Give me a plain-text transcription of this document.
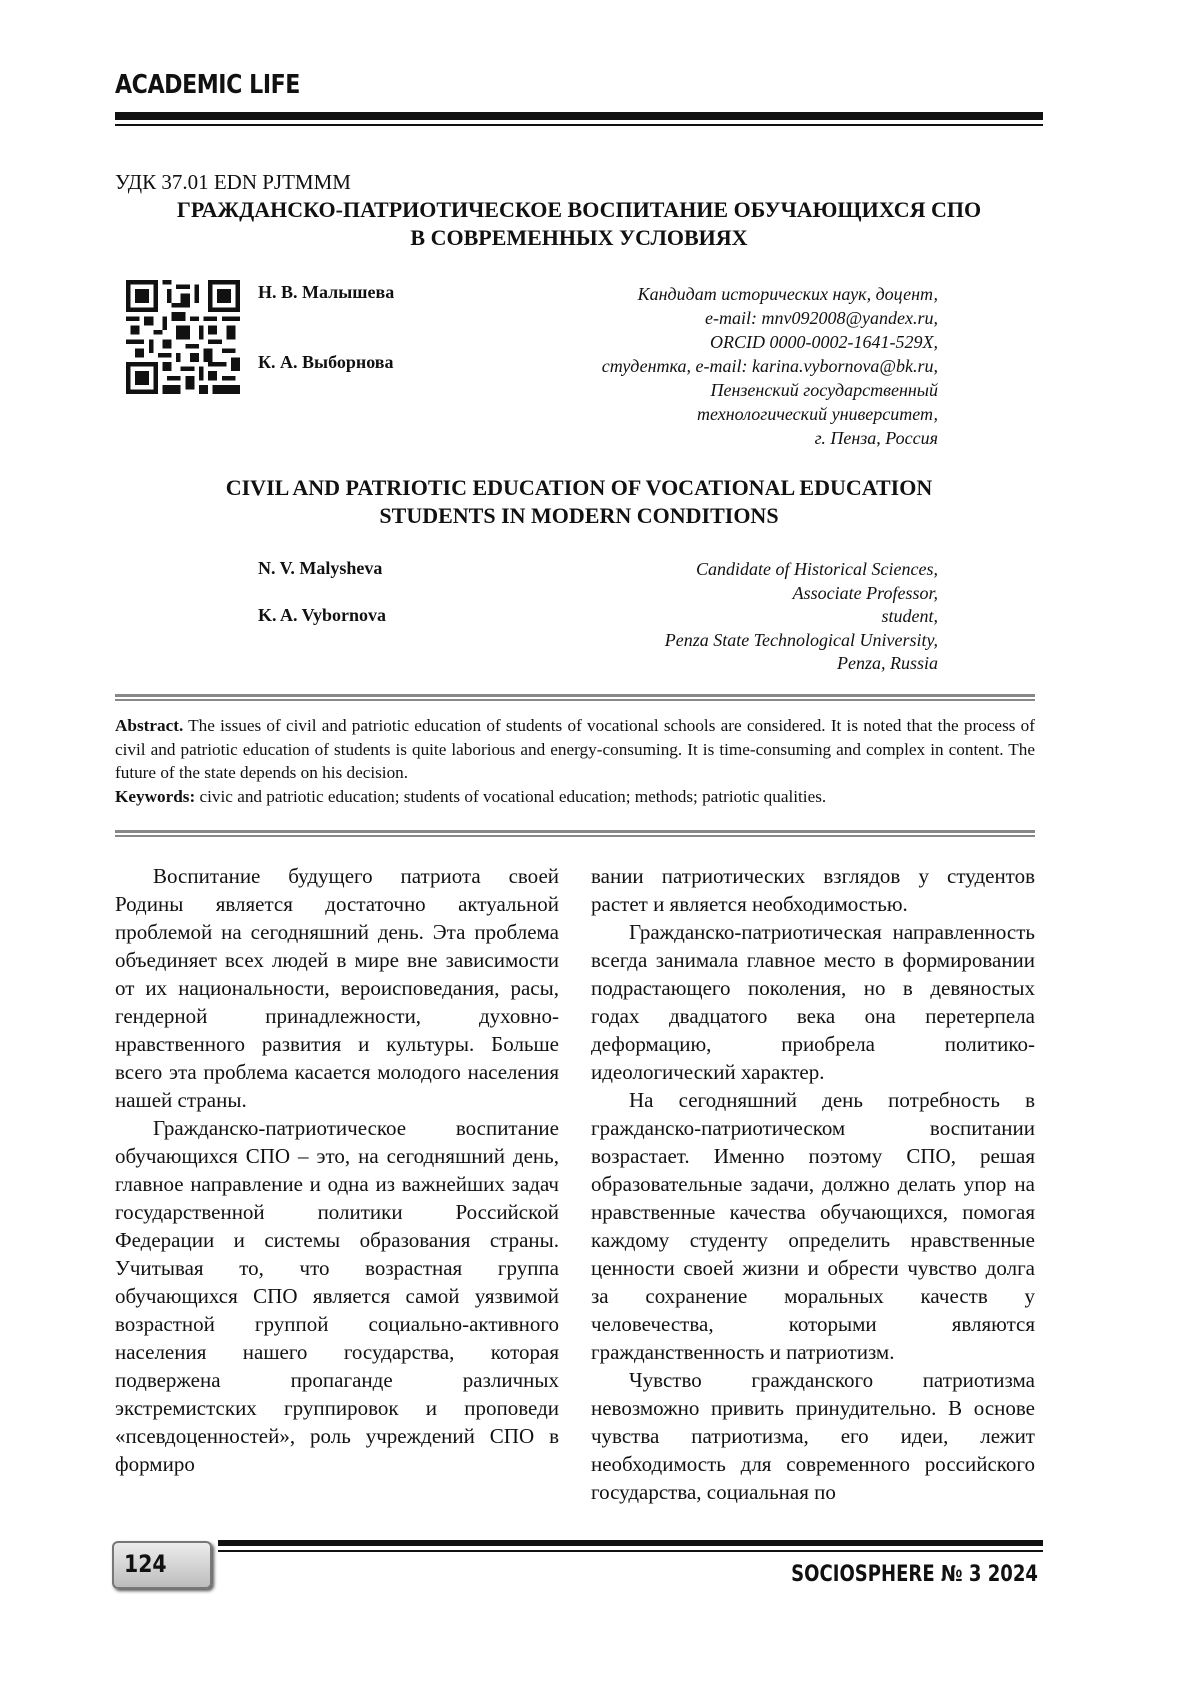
ACADEMIC LIFE
УДК 37.01 EDN PJTMMM
ГРАЖДАНСКО-ПАТРИОТИЧЕСКОЕ ВОСПИТАНИЕ ОБУЧАЮЩИХСЯ СПО
В СОВРЕМЕННЫХ УСЛОВИЯХ
Н. В. Малышева
К. А. Выборнова
Кандидат исторических наук, доцент,
e-mail: mnv092008@yandex.ru,
ORCID 0000-0002-1641-529X,
студентка, e-mail: karina.vybornova@bk.ru,
Пензенский государственный
технологический университет,
г. Пенза, Россия
CIVIL AND PATRIOTIC EDUCATION OF VOCATIONAL EDUCATION
STUDENTS IN MODERN CONDITIONS
N. V. Malysheva
K. A. Vybornova
Candidate of Historical Sciences,
Associate Professor,
student,
Penza State Technological University,
Penza, Russia
Abstract. The issues of civil and patriotic education of students of vocational schools are considered. It is noted that the process of civil and patriotic education of students is quite laborious and energy-consuming. It is time-consuming and complex in content. The future of the state depends on his decision.
Keywords: civic and patriotic education; students of vocational education; methods; patriotic qualities.

Воспитание будущего патриота своей Родины является достаточно актуальной проблемой на сегодняшний день. Эта проблема объединяет всех людей в мире вне зависимости от их национальности, вероисповедания, расы, гендерной принадлежности, духовно-нравственного развития и культуры. Больше всего эта проблема касается молодого населения нашей страны.

Гражданско-патриотическое воспитание обучающихся СПО – это, на сегодняшний день, главное направление и одна из важнейших задач государственной политики Российской Федерации и системы образования страны. Учитывая то, что возрастная группа обучающихся СПО является самой уязвимой возрастной группой социально-активного населения нашего государства, которая подвержена пропаганде различных экстремистских группировок и проповеди «псевдоценностей», роль учреждений СПО в формиро

вании патриотических взглядов у студентов растет и является необходимостью.

Гражданско-патриотическая направленность всегда занимала главное место в формировании подрастающего поколения, но в девяностых годах двадцатого века она перетерпела деформацию, приобрела политико-идеологический характер.

На сегодняшний день потребность в гражданско-патриотическом воспитании возрастает. Именно поэтому СПО, решая образовательные задачи, должно делать упор на нравственные качества обучающихся, помогая каждому студенту определить нравственные ценности своей жизни и обрести чувство долга за сохранение моральных качеств у человечества, которыми являются гражданственность и патриотизм.

Чувство гражданского патриотизма невозможно привить принудительно. В основе чувства патриотизма, его идеи, лежит необходимость для современного российского государства, социальная по

124	SOCIOSPHERE № 3 2024
